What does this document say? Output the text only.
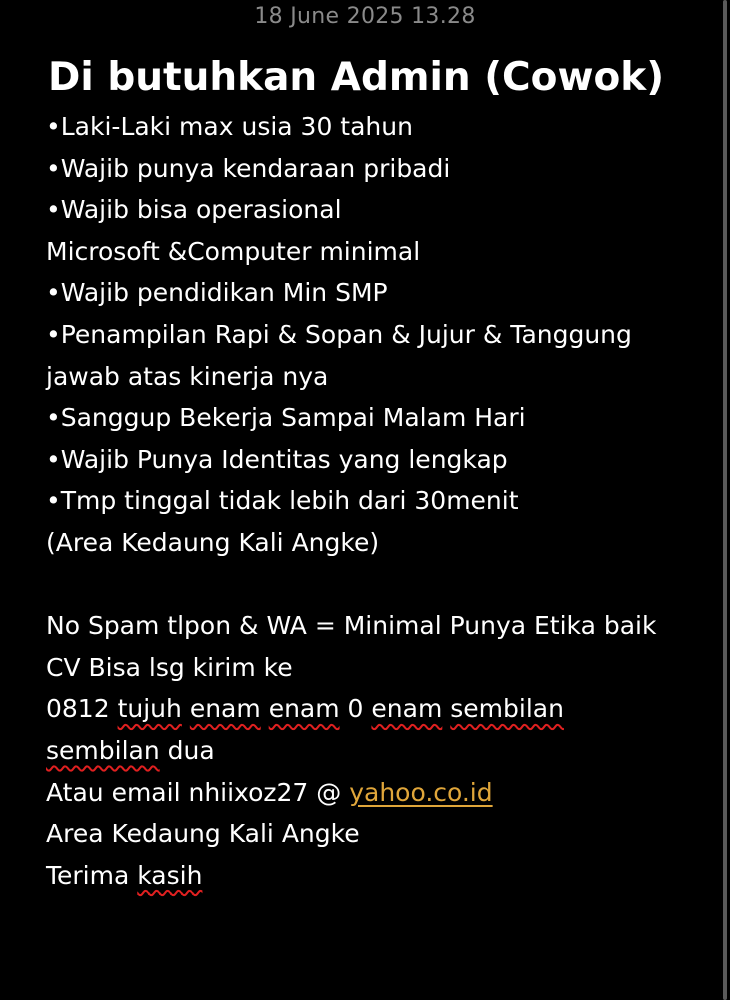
18 June 2025 13.28
Di butuhkan Admin (Cowok)
•Laki-Laki max usia 30 tahun
•Wajib punya kendaraan pribadi
•Wajib bisa operasional
Microsoft &Computer minimal
•Wajib pendidikan Min SMP
•Penampilan Rapi & Sopan & Jujur & Tanggung
jawab atas kinerja nya
•Sanggup Bekerja Sampai Malam Hari
•Wajib Punya Identitas yang lengkap
•Tmp tinggal tidak lebih dari 30menit
(Area Kedaung Kali Angke)
No Spam tlpon & WA = Minimal Punya Etika baik
CV Bisa lsg kirim ke
0812 tujuh enam enam 0 enam sembilan
sembilan dua
Atau email nhiixoz27 @ yahoo.co.id
Area Kedaung Kali Angke
Terima kasih
